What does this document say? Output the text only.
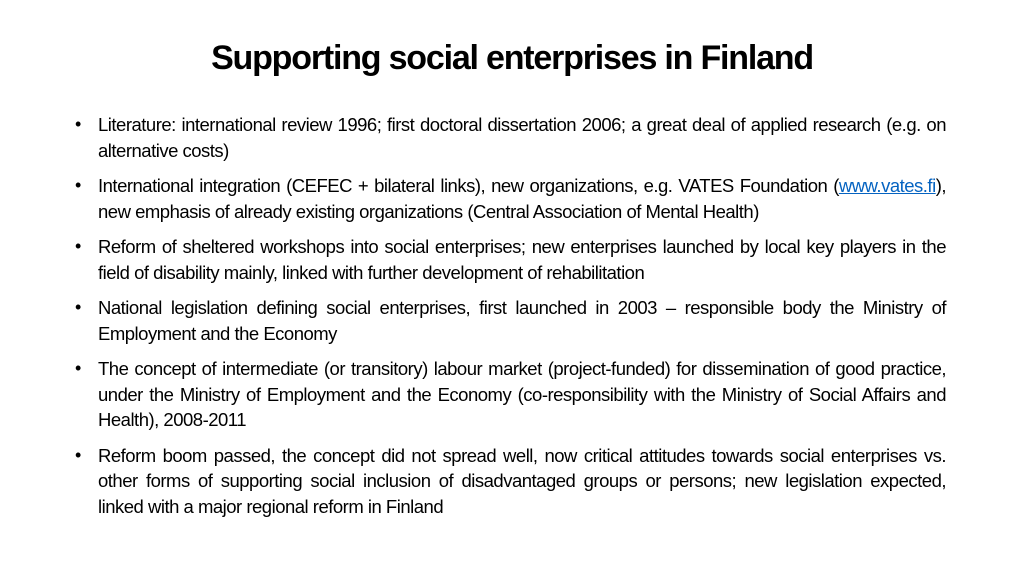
Supporting social enterprises in Finland
• Literature: international review 1996; first doctoral dissertation 2006; a great deal of applied research (e.g. on alternative costs)
• International integration (CEFEC + bilateral links), new organizations, e.g. VATES Foundation (www.vates.fi), new emphasis of already existing organizations (Central Association of Mental Health)
• Reform of sheltered workshops into social enterprises; new enterprises launched by local key players in the field of disability mainly, linked with further development of rehabilitation
• National legislation defining social enterprises, first launched in 2003 – responsible body the Ministry of Employment and the Economy
• The concept of intermediate (or transitory) labour market (project-funded) for dissemination of good practice, under the Ministry of Employment and the Economy (co-responsibility with the Ministry of Social Affairs and Health), 2008-2011
• Reform boom passed, the concept did not spread well, now critical attitudes towards social enterprises vs. other forms of supporting social inclusion of disadvantaged groups or persons; new legislation expected, linked with a major regional reform in Finland
